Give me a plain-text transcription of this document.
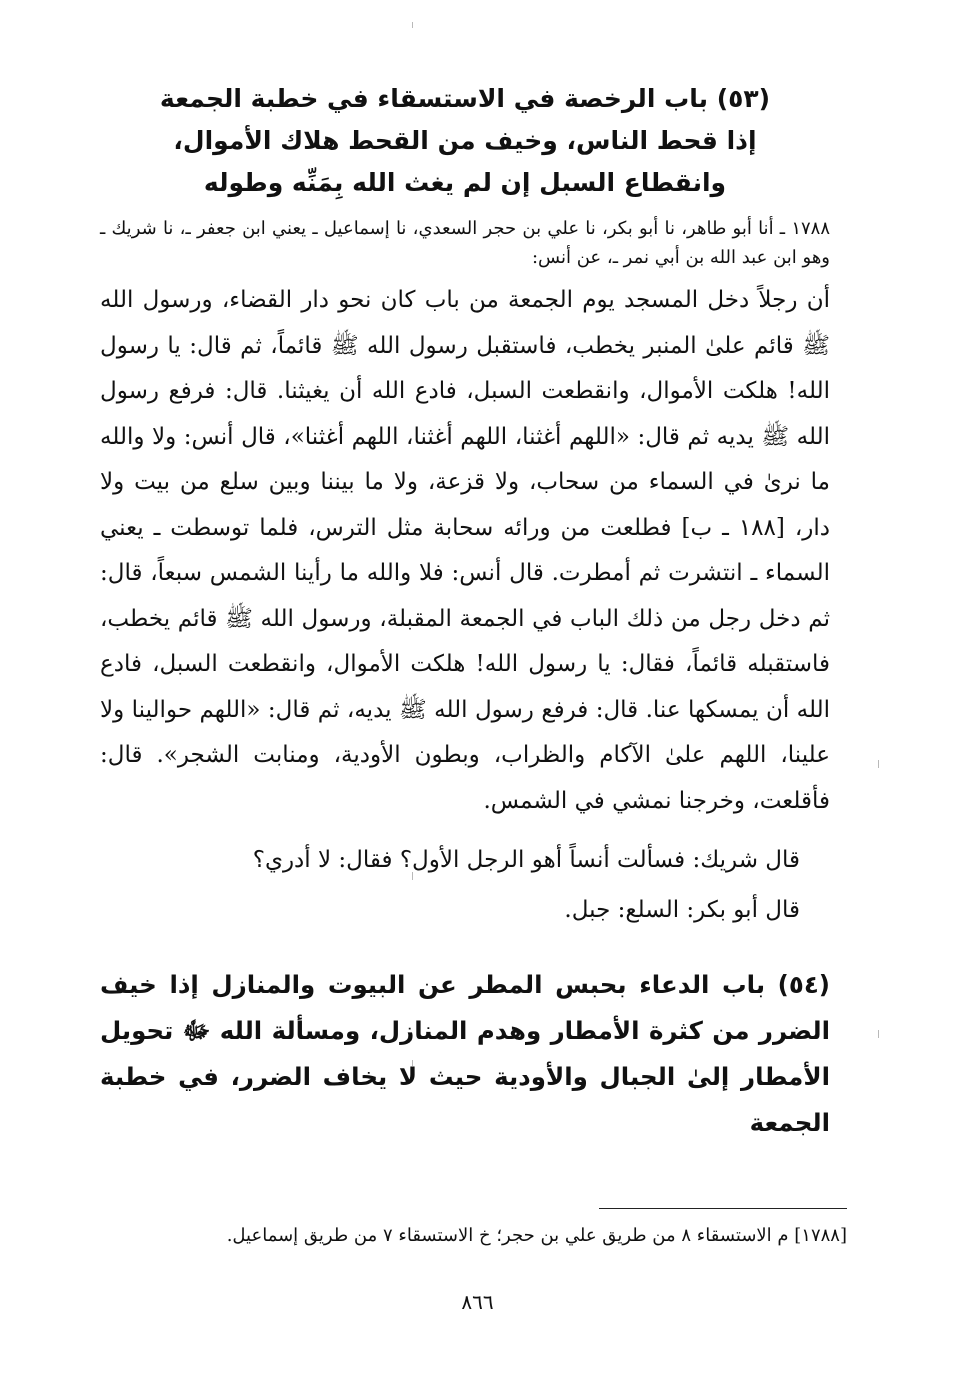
(٥٣) باب الرخصة في الاستسقاء في خطبة الجمعة
إذا قحط الناس، وخيف من القحط هلاك الأموال،
وانقطاع السبل إن لم يغث الله بِمَنِّه وطوله

١٧٨٨ ـ أنا أبو طاهر، نا أبو بكر، نا علي بن حجر السعدي، نا إسماعيل ـ يعني ابن جعفر ـ، نا شريك ـ وهو ابن عبد الله بن أبي نمر ـ، عن أنس:

أن رجلاً دخل المسجد يوم الجمعة من باب كان نحو دار القضاء، ورسول الله ﷺ قائم علىٰ المنبر يخطب، فاستقبل رسول الله ﷺ قائماً، ثم قال: يا رسول الله! هلكت الأموال، وانقطعت السبل، فادع الله أن يغيثنا. قال: فرفع رسول الله ﷺ يديه ثم قال: «اللهم أغثنا، اللهم أغثنا، اللهم أغثنا»، قال أنس: ولا والله ما نرىٰ في السماء من سحاب، ولا قزعة، ولا ما بيننا وبين سلع من بيت ولا دار، [١٨٨ ـ ب] فطلعت من ورائه سحابة مثل الترس، فلما توسطت ـ يعني السماء ـ انتشرت ثم أمطرت. قال أنس: فلا والله ما رأينا الشمس سبعاً، قال: ثم دخل رجل من ذلك الباب في الجمعة المقبلة، ورسول الله ﷺ قائم يخطب، فاستقبله قائماً، فقال: يا رسول الله! هلكت الأموال، وانقطعت السبل، فادع الله أن يمسكها عنا. قال: فرفع رسول الله ﷺ يديه، ثم قال: «اللهم حوالينا ولا علينا، اللهم علىٰ الآكام والظراب، وبطون الأودية، ومنابت الشجر». قال: فأقلعت، وخرجنا نمشي في الشمس.

قال شريك: فسألت أنساً أهو الرجل الأول؟ فقال: لا أدري؟

قال أبو بكر: السلع: جبل.

(٥٤) باب الدعاء بحبس المطر عن البيوت والمنازل إذا خيف الضرر من كثرة الأمطار وهدم المنازل، ومسألة الله ﷻ تحويل الأمطار إلىٰ الجبال والأودية حيث لا يخاف الضرر، في خطبة الجمعة
[١٧٨٨] م الاستسقاء ٨ من طريق علي بن حجر؛ خ الاستسقاء ٧ من طريق إسماعيل.
٨٦٦
